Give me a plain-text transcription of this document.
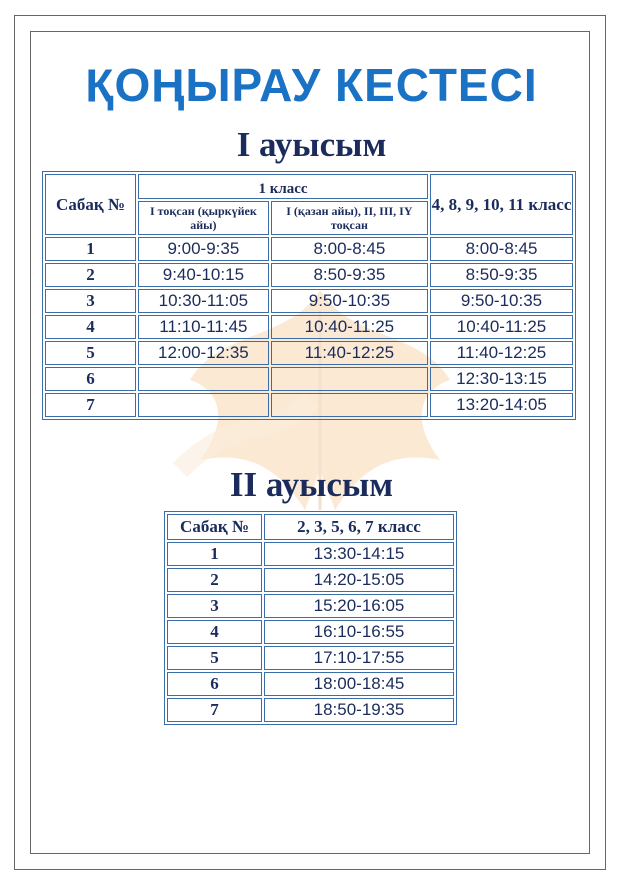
ҚОҢЫРАУ КЕСТЕСІ
І ауысым
Сабақ №	1 класс		4, 8, 9, 10, 11 класс
	І тоқсан (қыркүйек айы)	І (қазан айы), ІІ, ІІІ, ІҮ тоқсан	
1	9:00-9:35	8:00-8:45	8:00-8:45
2	9:40-10:15	8:50-9:35	8:50-9:35
3	10:30-11:05	9:50-10:35	9:50-10:35
4	11:10-11:45	10:40-11:25	10:40-11:25
5	12:00-12:35	11:40-12:25	11:40-12:25
6			12:30-13:15
7			13:20-14:05
ІІ ауысым
Сабақ №	2, 3, 5, 6, 7 класс
1	13:30-14:15
2	14:20-15:05
3	15:20-16:05
4	16:10-16:55
5	17:10-17:55
6	18:00-18:45
7	18:50-19:35
